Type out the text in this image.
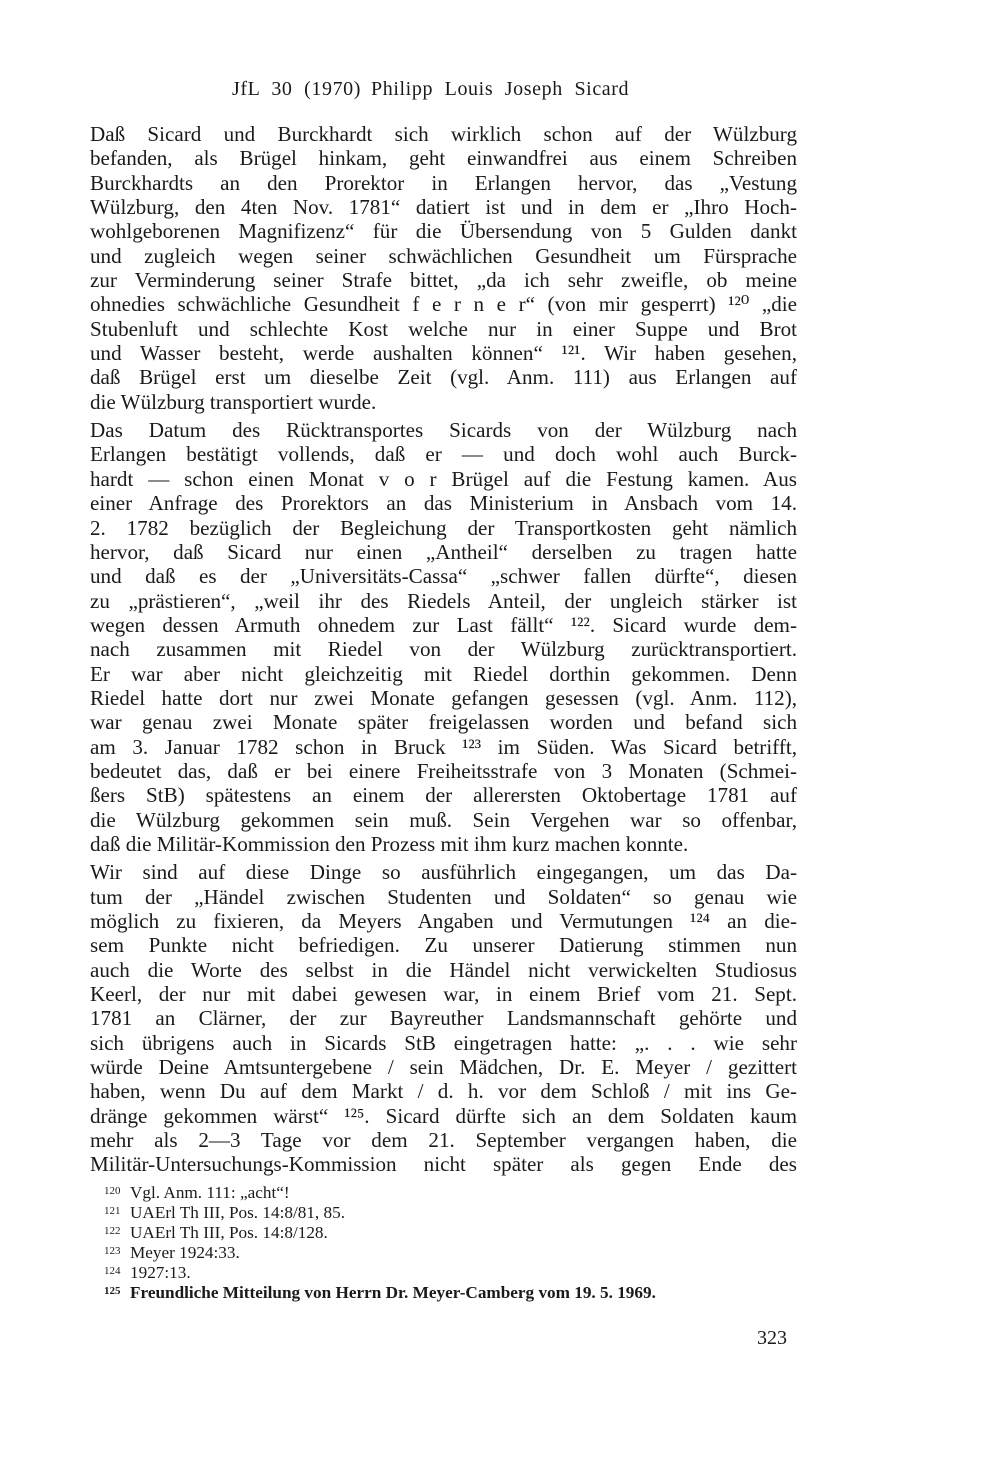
JfL 30 (1970) Philipp Louis Joseph Sicard
Daß Sicard und Burckhardt sich wirklich schon auf der Wülzburg
befanden, als Brügel hinkam, geht einwandfrei aus einem Schreiben
Burckhardts an den Prorektor in Erlangen hervor, das „Vestung
Wülzburg, den 4ten Nov. 1781“ datiert ist und in dem er „Ihro Hoch-
wohlgeborenen Magnifizenz“ für die Übersendung von 5 Gulden dankt
und zugleich wegen seiner schwächlichen Gesundheit um Fürsprache
zur Verminderung seiner Strafe bittet, „da ich sehr zweifle, ob meine
ohnedies schwächliche Gesundheit f e r n e r“ (von mir gesperrt) ¹²⁰ „die
Stubenluft und schlechte Kost welche nur in einer Suppe und Brot
und Wasser besteht, werde aushalten können“ ¹²¹. Wir haben gesehen,
daß Brügel erst um dieselbe Zeit (vgl. Anm. 111) aus Erlangen auf
die Wülzburg transportiert wurde.
Das Datum des Rücktransportes Sicards von der Wülzburg nach
Erlangen bestätigt vollends, daß er — und doch wohl auch Burck-
hardt — schon einen Monat v o r Brügel auf die Festung kamen. Aus
einer Anfrage des Prorektors an das Ministerium in Ansbach vom 14.
2. 1782 bezüglich der Begleichung der Transportkosten geht nämlich
hervor, daß Sicard nur einen „Antheil“ derselben zu tragen hatte
und daß es der „Universitäts-Cassa“ „schwer fallen dürfte“, diesen
zu „prästieren“, „weil ihr des Riedels Anteil, der ungleich stärker ist
wegen dessen Armuth ohnedem zur Last fällt“ ¹²². Sicard wurde dem-
nach zusammen mit Riedel von der Wülzburg zurücktransportiert.
Er war aber nicht gleichzeitig mit Riedel dorthin gekommen. Denn
Riedel hatte dort nur zwei Monate gefangen gesessen (vgl. Anm. 112),
war genau zwei Monate später freigelassen worden und befand sich
am 3. Januar 1782 schon in Bruck ¹²³ im Süden. Was Sicard betrifft,
bedeutet das, daß er bei einere Freiheitsstrafe von 3 Monaten (Schmei-
ßers StB) spätestens an einem der allerersten Oktobertage 1781 auf
die Wülzburg gekommen sein muß. Sein Vergehen war so offenbar,
daß die Militär-Kommission den Prozess mit ihm kurz machen konnte.
Wir sind auf diese Dinge so ausführlich eingegangen, um das Da-
tum der „Händel zwischen Studenten und Soldaten“ so genau wie
möglich zu fixieren, da Meyers Angaben und Vermutungen ¹²⁴ an die-
sem Punkte nicht befriedigen. Zu unserer Datierung stimmen nun
auch die Worte des selbst in die Händel nicht verwickelten Studiosus
Keerl, der nur mit dabei gewesen war, in einem Brief vom 21. Sept.
1781 an Clärner, der zur Bayreuther Landsmannschaft gehörte und
sich übrigens auch in Sicards StB eingetragen hatte: „. . . wie sehr
würde Deine Amtsuntergebene / sein Mädchen, Dr. E. Meyer / gezittert
haben, wenn Du auf dem Markt / d. h. vor dem Schloß / mit ins Ge-
dränge gekommen wärst“ ¹²⁵. Sicard dürfte sich an dem Soldaten kaum
mehr als 2—3 Tage vor dem 21. September vergangen haben, die
Militär-Untersuchungs-Kommission nicht später als gegen Ende des
120 Vgl. Anm. 111: „acht“!
121 UAErl Th III, Pos. 14:8/81, 85.
122 UAErl Th III, Pos. 14:8/128.
123 Meyer 1924:33.
124 1927:13.
125 Freundliche Mitteilung von Herrn Dr. Meyer-Camberg vom 19. 5. 1969.
323
